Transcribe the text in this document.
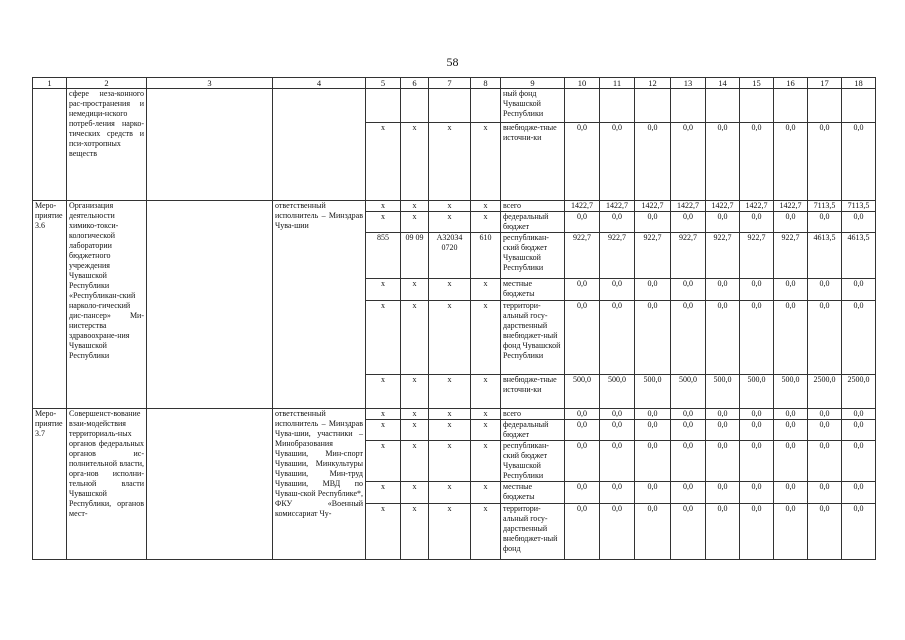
58
1	2	3	4	5	6	7	8	9	10	11	12	13	14	15	16	17	18
	сфере неза-конного рас-пространения и немедици-нского потреб-ления нарко-тических средств и пси-хотропных веществ							ный фонд Чувашской Республики									
				x	x	x	x	внебюдже-тные источни-ки	0,0	0,0	0,0	0,0	0,0	0,0	0,0	0,0	0,0
Меро-приятие 3.6	Организация деятельности химико-токси-кологической лаборатории бюджетного учреждения Чувашской Республики «Республикан-ский нарколо-гический дис-пансер» Ми-нистерства здравоохране-ния Чувашской Республики		ответственный исполнитель – Минздрав Чува-шии	x	x	x	x	всего	1422,7	1422,7	1422,7	1422,7	1422,7	1422,7	1422,7	7113,5	7113,5
				x	x	x	x	федеральный бюджет	0,0	0,0	0,0	0,0	0,0	0,0	0,0	0,0	0,0
				855	09 09	А32034 0720	610	республикан-ский бюджет Чувашской Республики	922,7	922,7	922,7	922,7	922,7	922,7	922,7	4613,5	4613,5
				x	x	x	x	местные бюджеты	0,0	0,0	0,0	0,0	0,0	0,0	0,0	0,0	0,0
				x	x	x	x	территори-альный госу-дарственный внебюджет-ный фонд Чувашской Республики	0,0	0,0	0,0	0,0	0,0	0,0	0,0	0,0	0,0
				x	x	x	x	внебюдже-тные источни-ки	500,0	500,0	500,0	500,0	500,0	500,0	500,0	2500,0	2500,0
Меро-приятие 3.7	Совершенст-вование взаи-модействия территориаль-ных органов федеральных органов ис-полнительной власти, орга-нов исполни-тельной власти Чувашской Республики, органов мест-		ответственный исполнитель – Минздрав Чува-шии, участники – Минобразования Чувашии, Мин-спорт Чувашии, Минкультуры Чувашии, Мин-труд Чувашии, МВД по Чуваш-ской Республике*, ФКУ «Военный комиссариат Чу-	x	x	x	x	всего	0,0	0,0	0,0	0,0	0,0	0,0	0,0	0,0	0,0
				x	x	x	x	федеральный бюджет	0,0	0,0	0,0	0,0	0,0	0,0	0,0	0,0	0,0
				x	x	x	x	республикан-ский бюджет Чувашской Республики	0,0	0,0	0,0	0,0	0,0	0,0	0,0	0,0	0,0
				x	x	x	x	местные бюджеты	0,0	0,0	0,0	0,0	0,0	0,0	0,0	0,0	0,0
				x	x	x	x	территори-альный госу-дарственный внебюджет-ный фонд	0,0	0,0	0,0	0,0	0,0	0,0	0,0	0,0	0,0
